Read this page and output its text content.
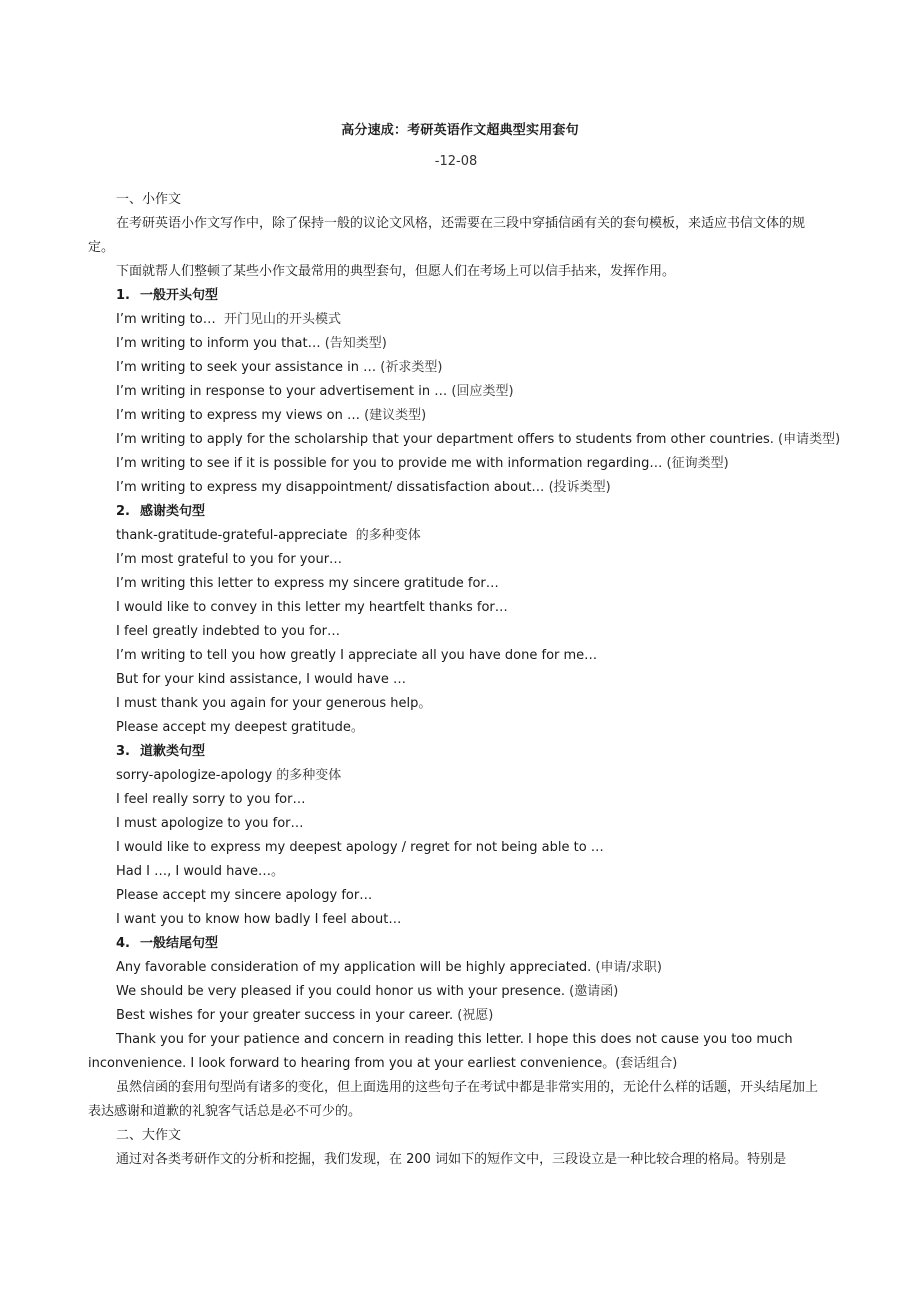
高分速成：考研英语作文超典型实用套句
-12-08
一、小作文
在考研英语小作文写作中，除了保持一般的议论文风格，还需要在三段中穿插信函有关的套句模板，来适应书信文体的规定。
下面就帮人们整顿了某些小作文最常用的典型套句，但愿人们在考场上可以信手拈来，发挥作用。
1. 一般开头句型
I’m writing to…  开门见山的开头模式
I’m writing to inform you that… (告知类型)
I’m writing to seek your assistance in … (祈求类型)
I’m writing in response to your advertisement in … (回应类型)
I’m writing to express my views on … (建议类型)
I’m writing to apply for the scholarship that your department offers to students from other countries. (申请类型)
I’m writing to see if it is possible for you to provide me with information regarding… (征询类型)
I’m writing to express my disappointment/ dissatisfaction about… (投诉类型)
2. 感谢类句型
thank-gratitude-grateful-appreciate  的多种变体
I’m most grateful to you for your…
I’m writing this letter to express my sincere gratitude for…
I would like to convey in this letter my heartfelt thanks for…
I feel greatly indebted to you for…
I’m writing to tell you how greatly I appreciate all you have done for me…
But for your kind assistance, I would have …
I must thank you again for your generous help。
Please accept my deepest gratitude。
3. 道歉类句型
sorry-apologize-apology 的多种变体
I feel really sorry to you for…
I must apologize to you for…
I would like to express my deepest apology / regret for not being able to …
Had I …, I would have…。
Please accept my sincere apology for…
I want you to know how badly I feel about…
4. 一般结尾句型
Any favorable consideration of my application will be highly appreciated. (申请/求职)
We should be very pleased if you could honor us with your presence. (邀请函)
Best wishes for your greater success in your career. (祝愿)
Thank you for your patience and concern in reading this letter. I hope this does not cause you too much inconvenience. I look forward to hearing from you at your earliest convenience。(套话组合)
虽然信函的套用句型尚有诸多的变化，但上面选用的这些句子在考试中都是非常实用的，无论什么样的话题，开头结尾加上表达感谢和道歉的礼貌客气话总是必不可少的。
二、大作文
通过对各类考研作文的分析和挖掘，我们发现，在 200 词如下的短作文中，三段设立是一种比较合理的格局。特别是
